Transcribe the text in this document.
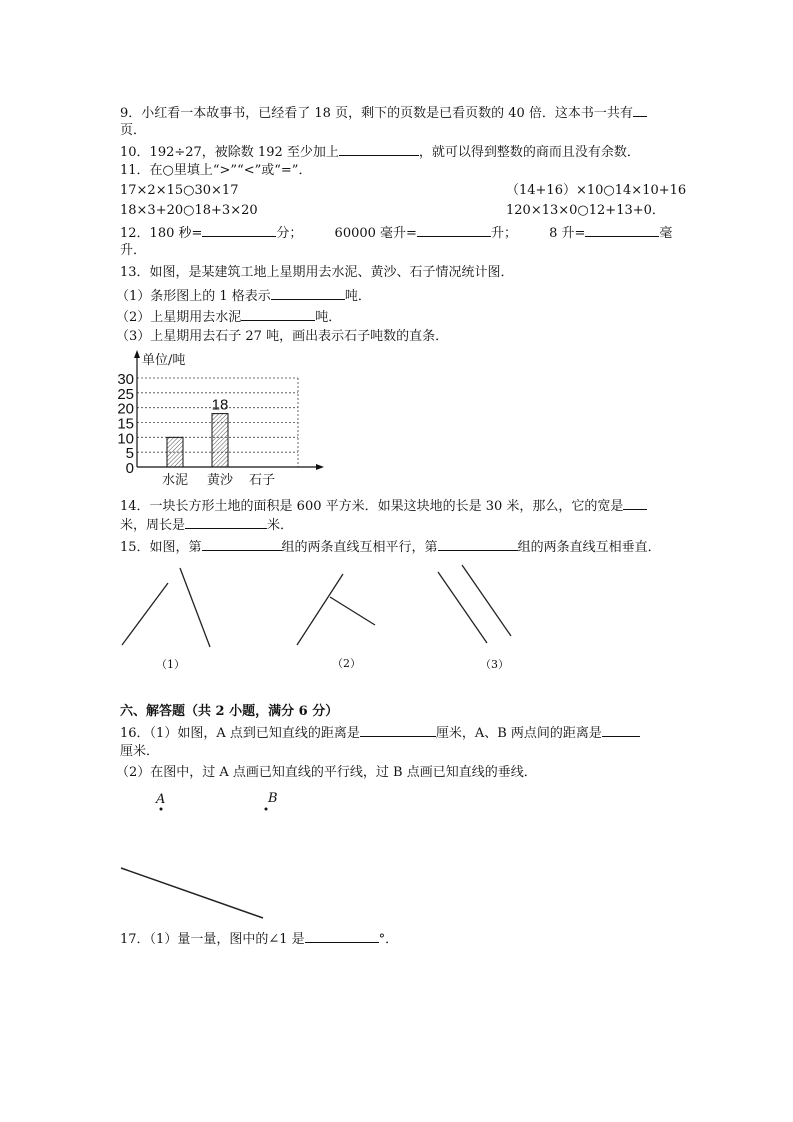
9．小红看一本故事书，已经看了 18 页，剩下的页数是已看页数的 40 倍．这本书一共有
页．
10．192÷27，被除数 192 至少加上	，就可以得到整数的商而且没有余数．
11．在○里填上“>”“<”或“=”．
17×2×15○30×17	（14+16）×10○14×10+16
18×3+20○18+3×20	120×13×0○12+13+0．
12．180 秒=	分； 60000 毫升=	升； 8 升=	毫
升．
13．如图，是某建筑工地上星期用去水泥、黄沙、石子情况统计图．
（1）条形图上的 1 格表示	吨．
（2）上星期用去水泥	吨．
（3）上星期用去石子 27 吨，画出表示石子吨数的直条．
0
5
10
15
20
25
30
单位/吨
水泥
18
黄沙 石子
（1）	（2）	（3）
14．一块长方形土地的面积是 600 平方米．如果这块地的长是 30 米，那么，它的宽是
米，周长是	米．
15．如图，第	组的两条直线互相平行，第	组的两条直线互相垂直．
六、解答题（共 2 小题，满分 6 分）
16．（1）如图，A 点到已知直线的距离是	厘米，A、B 两点间的距离是
厘米．
（2）在图中，过 A 点画已知直线的平行线，过 B 点画已知直线的垂线．
A	B
17．（1）量一量，图中的∠1 是	°．
